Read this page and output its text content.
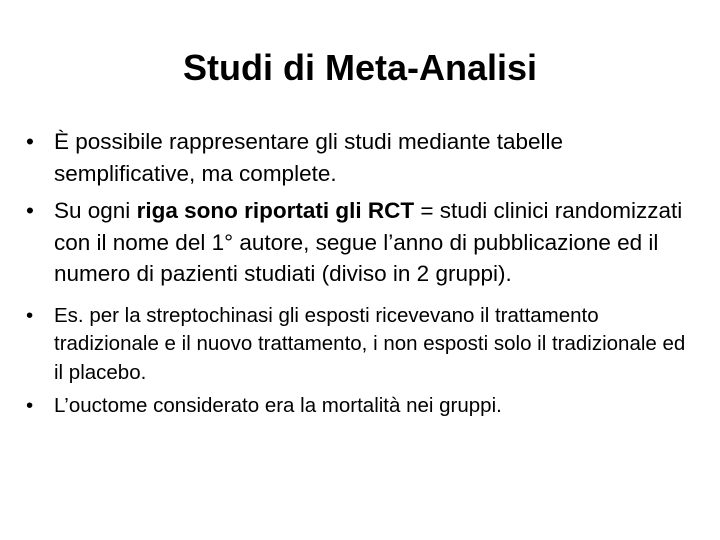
Studi di Meta-Analisi
• È possibile rappresentare gli studi mediante tabelle semplificative, ma complete.
• Su ogni riga sono riportati gli RCT = studi clinici randomizzati con il nome del 1° autore, segue l’anno di pubblicazione ed il numero di pazienti studiati (diviso in 2 gruppi).
• Es. per la streptochinasi gli esposti ricevevano il trattamento tradizionale e il nuovo trattamento, i non esposti solo il tradizionale ed il placebo.
• L’ouctome considerato era la mortalità nei gruppi.
